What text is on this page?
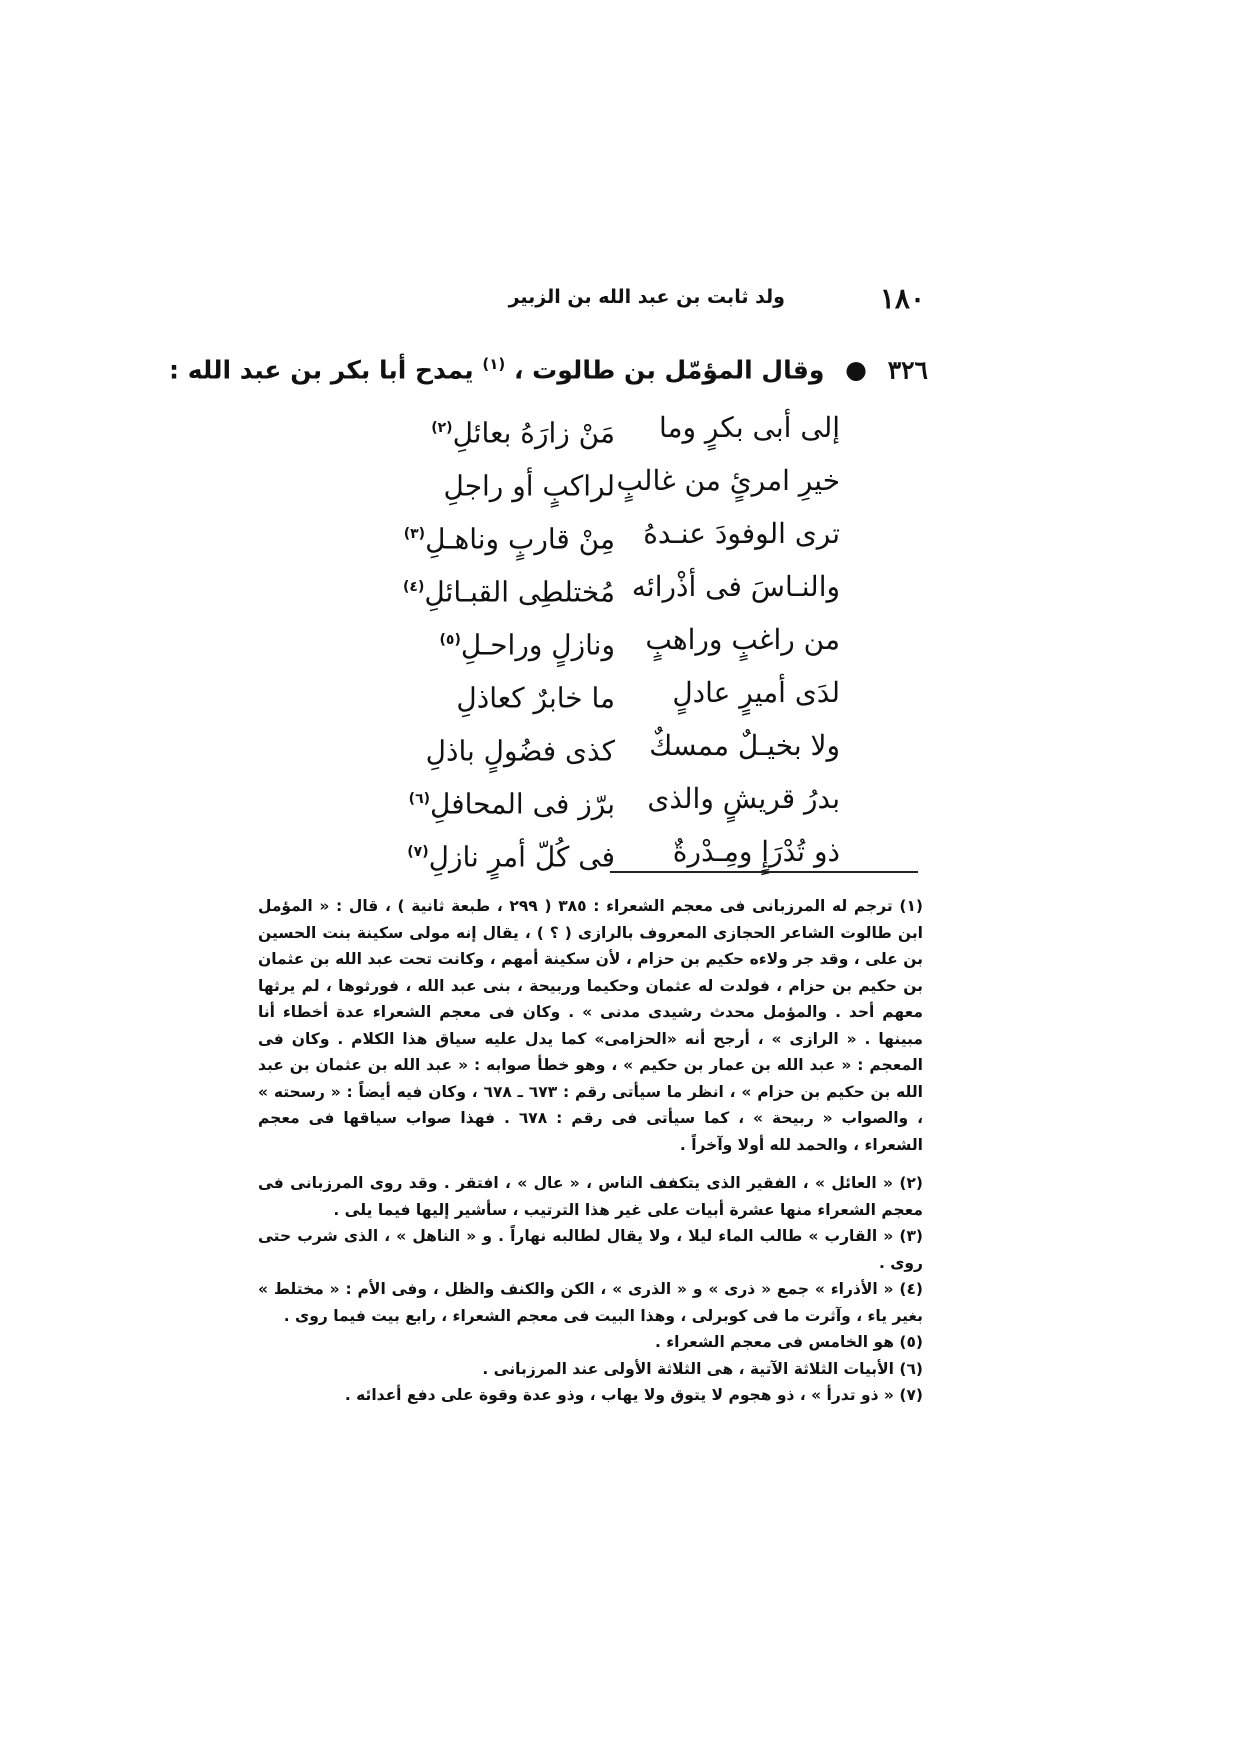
١٨٠
ولد ثابت بن عبد الله بن الزبير
٣٢٦ ● وقال المؤمّل بن طالوت ، $^{(١)}$ يمدح أبا بكر بن عبد الله :
إلى أبى بكرٍ وما
مَنْ زارَهُ بعائلِ$^{(٢)}$
خيرِ امرئٍ من غالبٍ
لراكبٍ أو راجلِ
ترى الوفودَ عنـدهُ
مِنْ قاربٍ وناهـلِ$^{(٣)}$
والنـاسَ فى أذْرائه
مُختلطِى القبـائلِ$^{(٤)}$
من راغبٍ وراهبٍ
ونازلٍ وراحـلِ$^{(٥)}$
لدَى أميرٍ عادلٍ
ما خابرٌ كعاذلِ
ولا بخيـلٌ ممسكٌ
كذى فضُولٍ باذلِ
بدرُ قريشٍ والذى
برّز فى المحافلِ$^{(٦)}$
ذو تُدْرَإٍ ومِـدْرةٌ
فى كُلّ أمرٍ نازلِ$^{(٧)}$
(١) ترجم له المرزبانى فى معجم الشعراء : ٣٨٥ ( ٢٩٩ ، طبعة ثانية ) ، قال : « المؤمل ابن طالوت الشاعر الحجازى المعروف بالرازى ( ؟ ) ، يقال إنه مولى سكينة بنت الحسين بن على ، وقد جر ولاءه حكيم بن حزام ، لأن سكينة أمهم ، وكانت تحت عبد الله بن عثمان بن حكيم بن حزام ، فولدت له عثمان وحكيما وربيحة ، بنى عبد الله ، فورثوها ، لم يرثها معهم أحد . والمؤمل محدث رشيدى مدنى » . وكان فى معجم الشعراء عدة أخطاء أنا مبينها . « الرازى » ، أرجح أنه «الحزامى» كما يدل عليه سياق هذا الكلام . وكان فى المعجم : « عبد الله بن عمار بن حكيم » ، وهو خطأ صوابه : « عبد الله بن عثمان بن عبد الله بن حكيم بن حزام » ، انظر ما سيأتى رقم : ٦٧٣ ـ ٦٧٨ ، وكان فيه أيضاً : « رسحته » ، والصواب « ربيحة » ، كما سيأتى فى رقم : ٦٧٨ . فهذا صواب سياقها فى معجم الشعراء ، والحمد لله أولا وآخراً .
(٢) « العائل » ، الفقير الذى يتكفف الناس ، « عال » ، افتقر . وقد روى المرزبانى فى معجم الشعراء منها عشرة أبيات على غير هذا الترتيب ، سأشير إليها فيما يلى .
(٣) « القارب » طالب الماء ليلا ، ولا يقال لطالبه نهاراً . و « الناهل » ، الذى شرب حتى روى .
(٤) « الأذراء » جمع « ذرى » و « الذرى » ، الكن والكنف والظل ، وفى الأم : « مختلط » بغير ياء ، وآثرت ما فى كوبرلى ، وهذا البيت فى معجم الشعراء ، رابع بيت فيما روى .
(٥) هو الخامس فى معجم الشعراء .
(٦) الأبيات الثلاثة الآتية ، هى الثلاثة الأولى عند المرزبانى .
(٧) « ذو تدرأ » ، ذو هجوم لا يتوق ولا يهاب ، وذو عدة وقوة على دفع أعدائه .
